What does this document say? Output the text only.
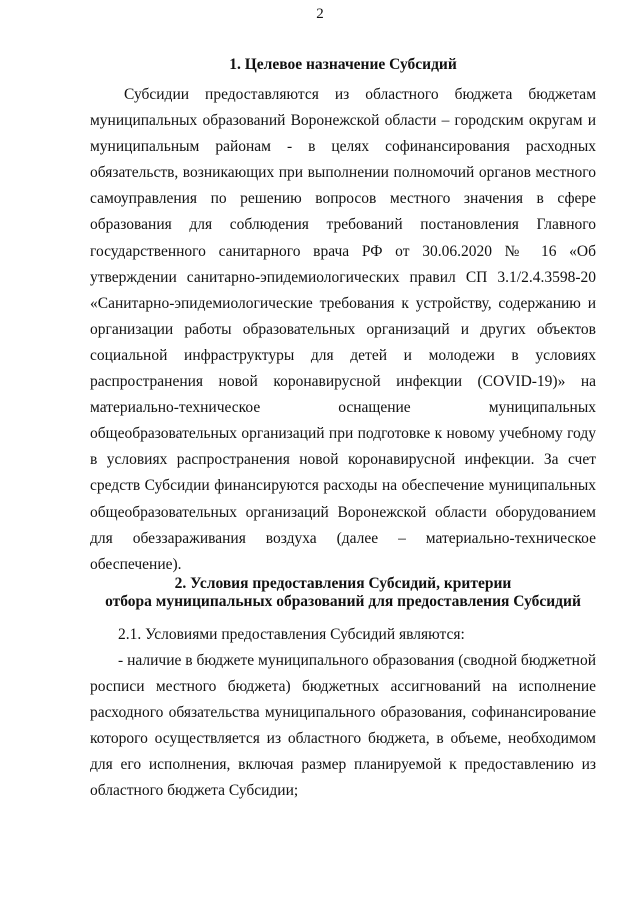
2
1. Целевое назначение Субсидий

Субсидии предоставляются из областного бюджета бюджетам муниципальных образований Воронежской области – городским округам и муниципальным районам - в целях софинансирования расходных обязательств, возникающих при выполнении полномочий органов местного самоуправления по решению вопросов местного значения в сфере образования для соблюдения требований постановления Главного государственного санитарного врача РФ от 30.06.2020 № 16 «Об утверждении санитарно-эпидемиологических правил СП 3.1/2.4.3598-20 «Санитарно-эпидемиологические требования к устройству, содержанию и организации работы образовательных организаций и других объектов социальной инфраструктуры для детей и молодежи в условиях распространения новой коронавирусной инфекции (COVID-19)» на материально-техническое оснащение муниципальных общеобразовательных организаций при подготовке к новому учебному году в условиях распространения новой коронавирусной инфекции. За счет средств Субсидии финансируются расходы на обеспечение муниципальных общеобразовательных организаций Воронежской области оборудованием для обеззараживания воздуха (далее – материально-техническое обеспечение).

2. Условия предоставления Субсидий, критерии
отбора муниципальных образований для предоставления Субсидий

2.1. Условиями предоставления Субсидий являются:

- наличие в бюджете муниципального образования (сводной бюджетной росписи местного бюджета) бюджетных ассигнований на исполнение расходного обязательства муниципального образования, софинансирование которого осуществляется из областного бюджета, в объеме, необходимом для его исполнения, включая размер планируемой к предоставлению из областного бюджета Субсидии;
